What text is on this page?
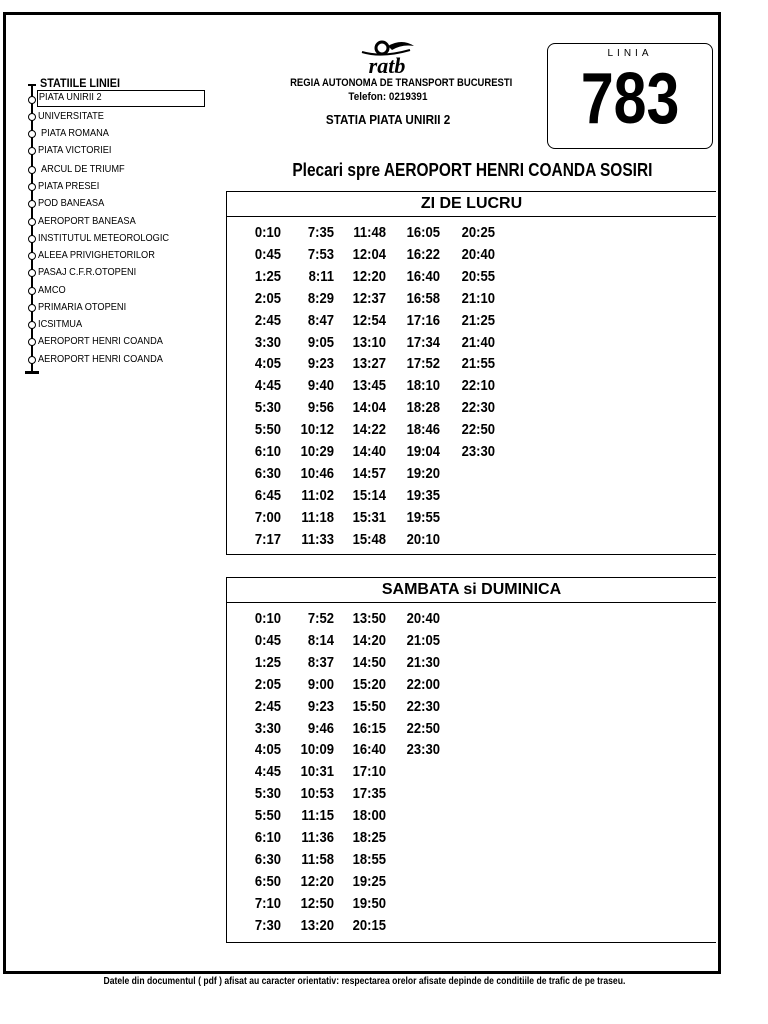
STATIILE LINIEI
PIATA UNIRII 2
UNIVERSITATE
PIATA ROMANA
PIATA VICTORIEI
ARCUL DE TRIUMF
PIATA PRESEI
POD BANEASA
AEROPORT BANEASA
INSTITUTUL METEOROLOGIC
ALEEA PRIVIGHETORILOR
PASAJ C.F.R.OTOPENI
AMCO
PRIMARIA OTOPENI
ICSITMUA
AEROPORT HENRI COANDA
AEROPORT HENRI COANDA
ratb
REGIA AUTONOMA DE TRANSPORT BUCURESTI
Telefon: 0219391
STATIA PIATA UNIRII 2
LINIA
783
Plecari spre AEROPORT HENRI COANDA SOSIRI
ZI DE LUCRU
0:10
0:45
1:25
2:05
2:45
3:30
4:05
4:45
5:30
5:50
6:10
6:30
6:45
7:00
7:17
7:35
7:53
8:11
8:29
8:47
9:05
9:23
9:40
9:56
10:12
10:29
10:46
11:02
11:18
11:33
11:48
12:04
12:20
12:37
12:54
13:10
13:27
13:45
14:04
14:22
14:40
14:57
15:14
15:31
15:48
16:05
16:22
16:40
16:58
17:16
17:34
17:52
18:10
18:28
18:46
19:04
19:20
19:35
19:55
20:10
20:25
20:40
20:55
21:10
21:25
21:40
21:55
22:10
22:30
22:50
23:30
SAMBATA si DUMINICA
0:10
0:45
1:25
2:05
2:45
3:30
4:05
4:45
5:30
5:50
6:10
6:30
6:50
7:10
7:30
7:52
8:14
8:37
9:00
9:23
9:46
10:09
10:31
10:53
11:15
11:36
11:58
12:20
12:50
13:20
13:50
14:20
14:50
15:20
15:50
16:15
16:40
17:10
17:35
18:00
18:25
18:55
19:25
19:50
20:15
20:40
21:05
21:30
22:00
22:30
22:50
23:30
Datele din documentul ( pdf ) afisat au caracter orientativ: respectarea orelor afisate depinde de conditiile de trafic de pe traseu.
